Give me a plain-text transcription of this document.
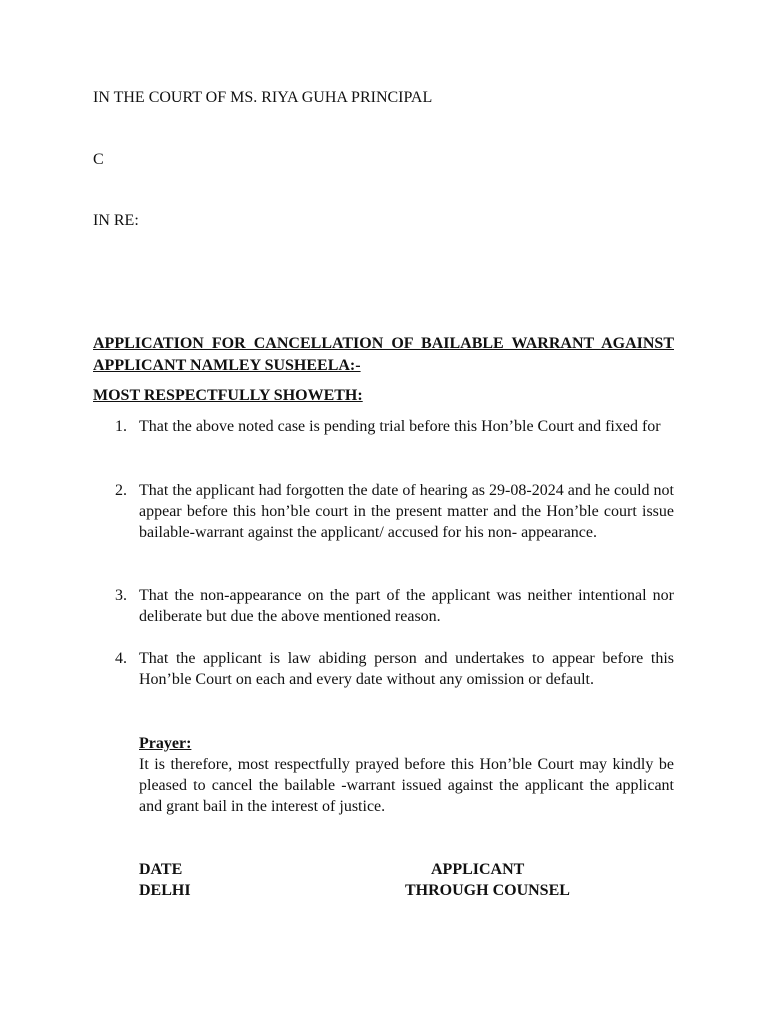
IN THE COURT OF MS. RIYA GUHA PRINCIPAL
C
IN RE:
APPLICATION FOR CANCELLATION OF BAILABLE WARRANT AGAINST APPLICANT NAMLEY SUSHEELA:-
MOST RESPECTFULLY SHOWETH:
1. That the above noted case is pending trial before this Hon’ble Court and fixed for
2. That the applicant had forgotten the date of hearing as 29-08-2024 and he could not appear before this hon’ble court in the present matter and the Hon’ble court issue bailable-warrant against the applicant/ accused for his non- appearance.
3. That the non-appearance on the part of the applicant was neither intentional nor deliberate but due the above mentioned reason.
4. That the applicant is law abiding person and undertakes to appear before this Hon’ble Court on each and every date without any omission or default.
Prayer:
It is therefore, most respectfully prayed before this Hon’ble Court may kindly be pleased to cancel the bailable -warrant issued against the applicant the applicant and grant bail in the interest of justice.
DATE
DELHI
APPLICANT
THROUGH COUNSEL
